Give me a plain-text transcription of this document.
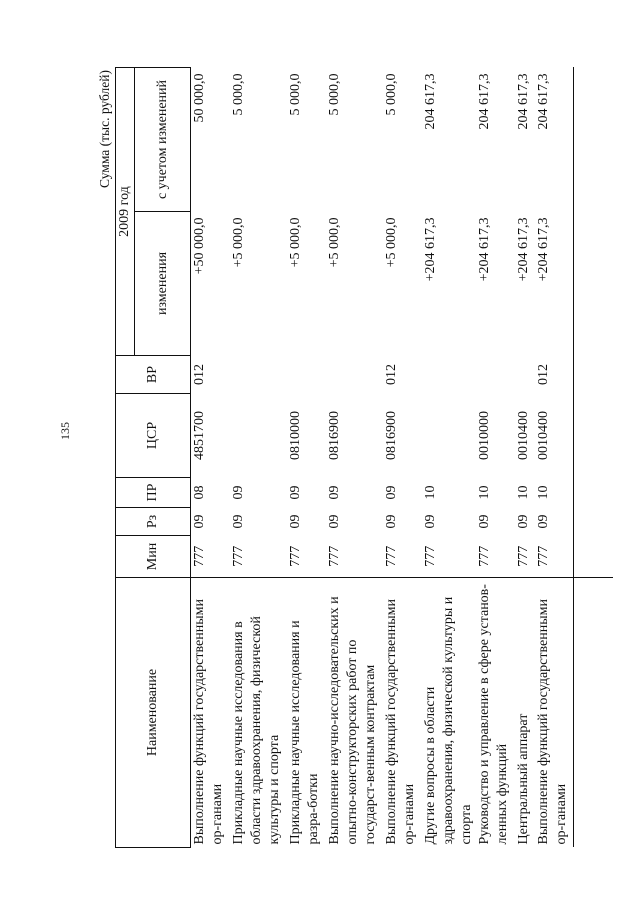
135
Сумма (тыс. рублей)
Наименование	Мин	Рз	ПР	ЦСР	ВР	2009 год	
						изменения	с учетом изменений
Выполнение функций государственными ор-ганами	777	09	08	4851700	012	+50 000,0	50 000,0
Прикладные научные исследования в области здравоохранения, физической культуры и спорта	777	09	09			+5 000,0	5 000,0
Прикладные научные исследования и разра-ботки	777	09	09	0810000		+5 000,0	5 000,0
Выполнение научно-исследовательских и опытно-конструкторских работ по государст-венным контрактам	777	09	09	0816900		+5 000,0	5 000,0
Выполнение функций государственными ор-ганами	777	09	09	0816900	012	+5 000,0	5 000,0
Другие вопросы в области здравоохранения, физической культуры и спорта	777	09	10			+204 617,3	204 617,3
Руководство и управление в сфере установ-ленных функций	777	09	10	0010000		+204 617,3	204 617,3
Центральный аппарат	777	09	10	0010400		+204 617,3	204 617,3
Выполнение функций государственными ор-ганами	777	09	10	0010400	012	+204 617,3	204 617,3
